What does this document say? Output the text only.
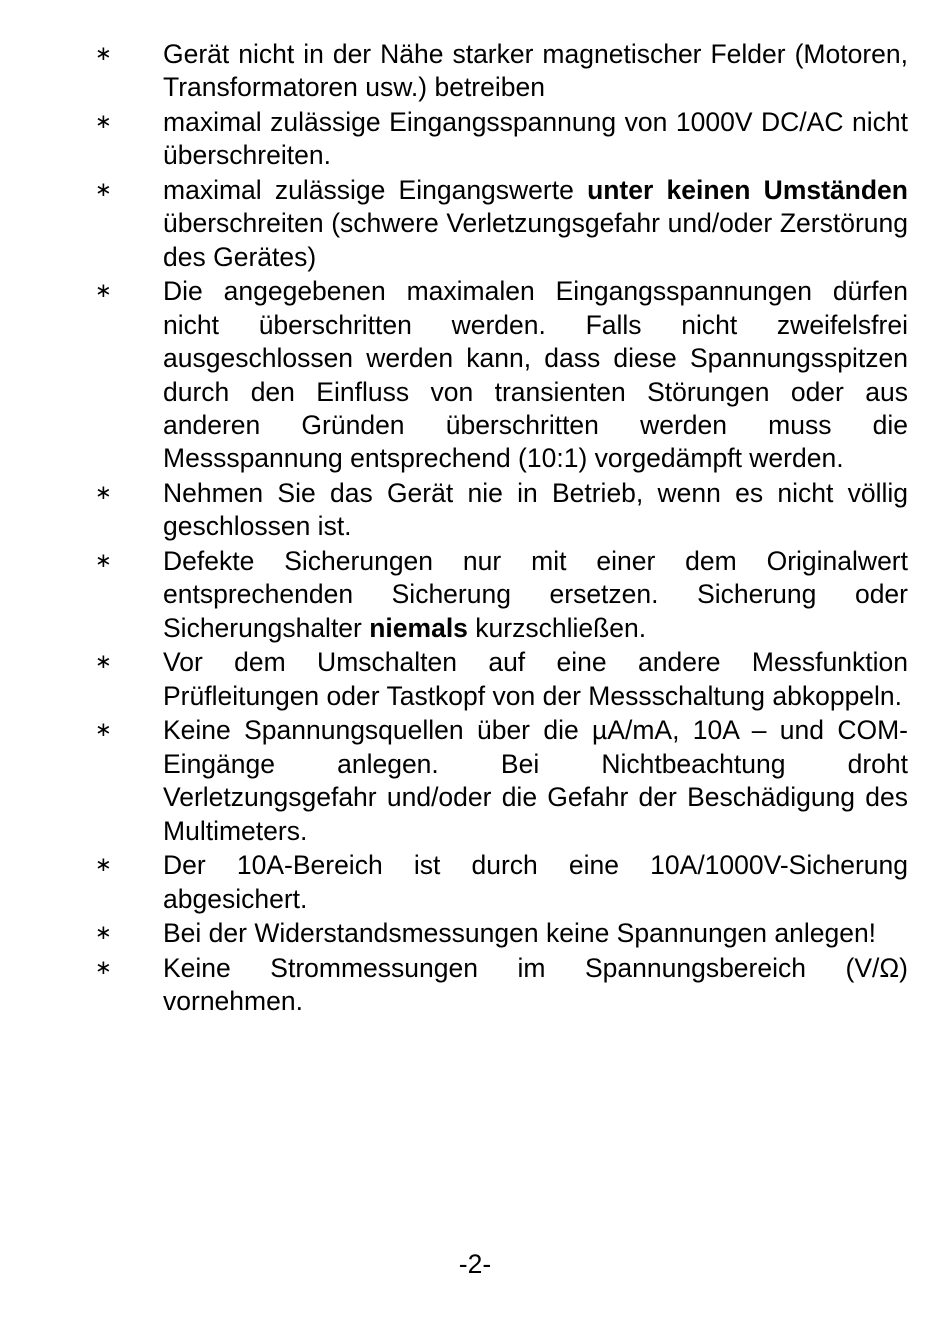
∗ Gerät nicht in der Nähe starker magnetischer Felder (Motoren, Transformatoren usw.) betreiben
∗ maximal zulässige Eingangsspannung von 1000V DC/AC nicht überschreiten.
∗ maximal zulässige Eingangswerte unter keinen Umständen überschreiten (schwere Verletzungsgefahr und/oder Zerstörung des Gerätes)
∗ Die angegebenen maximalen Eingangsspannungen dürfen nicht überschritten werden. Falls nicht zweifelsfrei ausgeschlossen werden kann, dass diese Spannungsspitzen durch den Einfluss von transienten Störungen oder aus anderen Gründen überschritten werden muss die Messspannung entsprechend (10:1) vorgedämpft werden.
∗ Nehmen Sie das Gerät nie in Betrieb, wenn es nicht völlig geschlossen ist.
∗ Defekte Sicherungen nur mit einer dem Originalwert entsprechenden Sicherung ersetzen. Sicherung oder Sicherungshalter niemals kurzschließen.
∗ Vor dem Umschalten auf eine andere Messfunktion Prüfleitungen oder Tastkopf von der Messschaltung abkoppeln.
∗ Keine Spannungsquellen über die µA/mA, 10A – und COM-Eingänge anlegen. Bei Nichtbeachtung droht Verletzungsgefahr und/oder die Gefahr der Beschädigung des Multimeters.
∗ Der 10A-Bereich ist durch eine 10A/1000V-Sicherung abgesichert.
∗ Bei der Widerstandsmessungen keine Spannungen anlegen!
∗ Keine Strommessungen im Spannungsbereich (V/Ω) vornehmen.
-2-
